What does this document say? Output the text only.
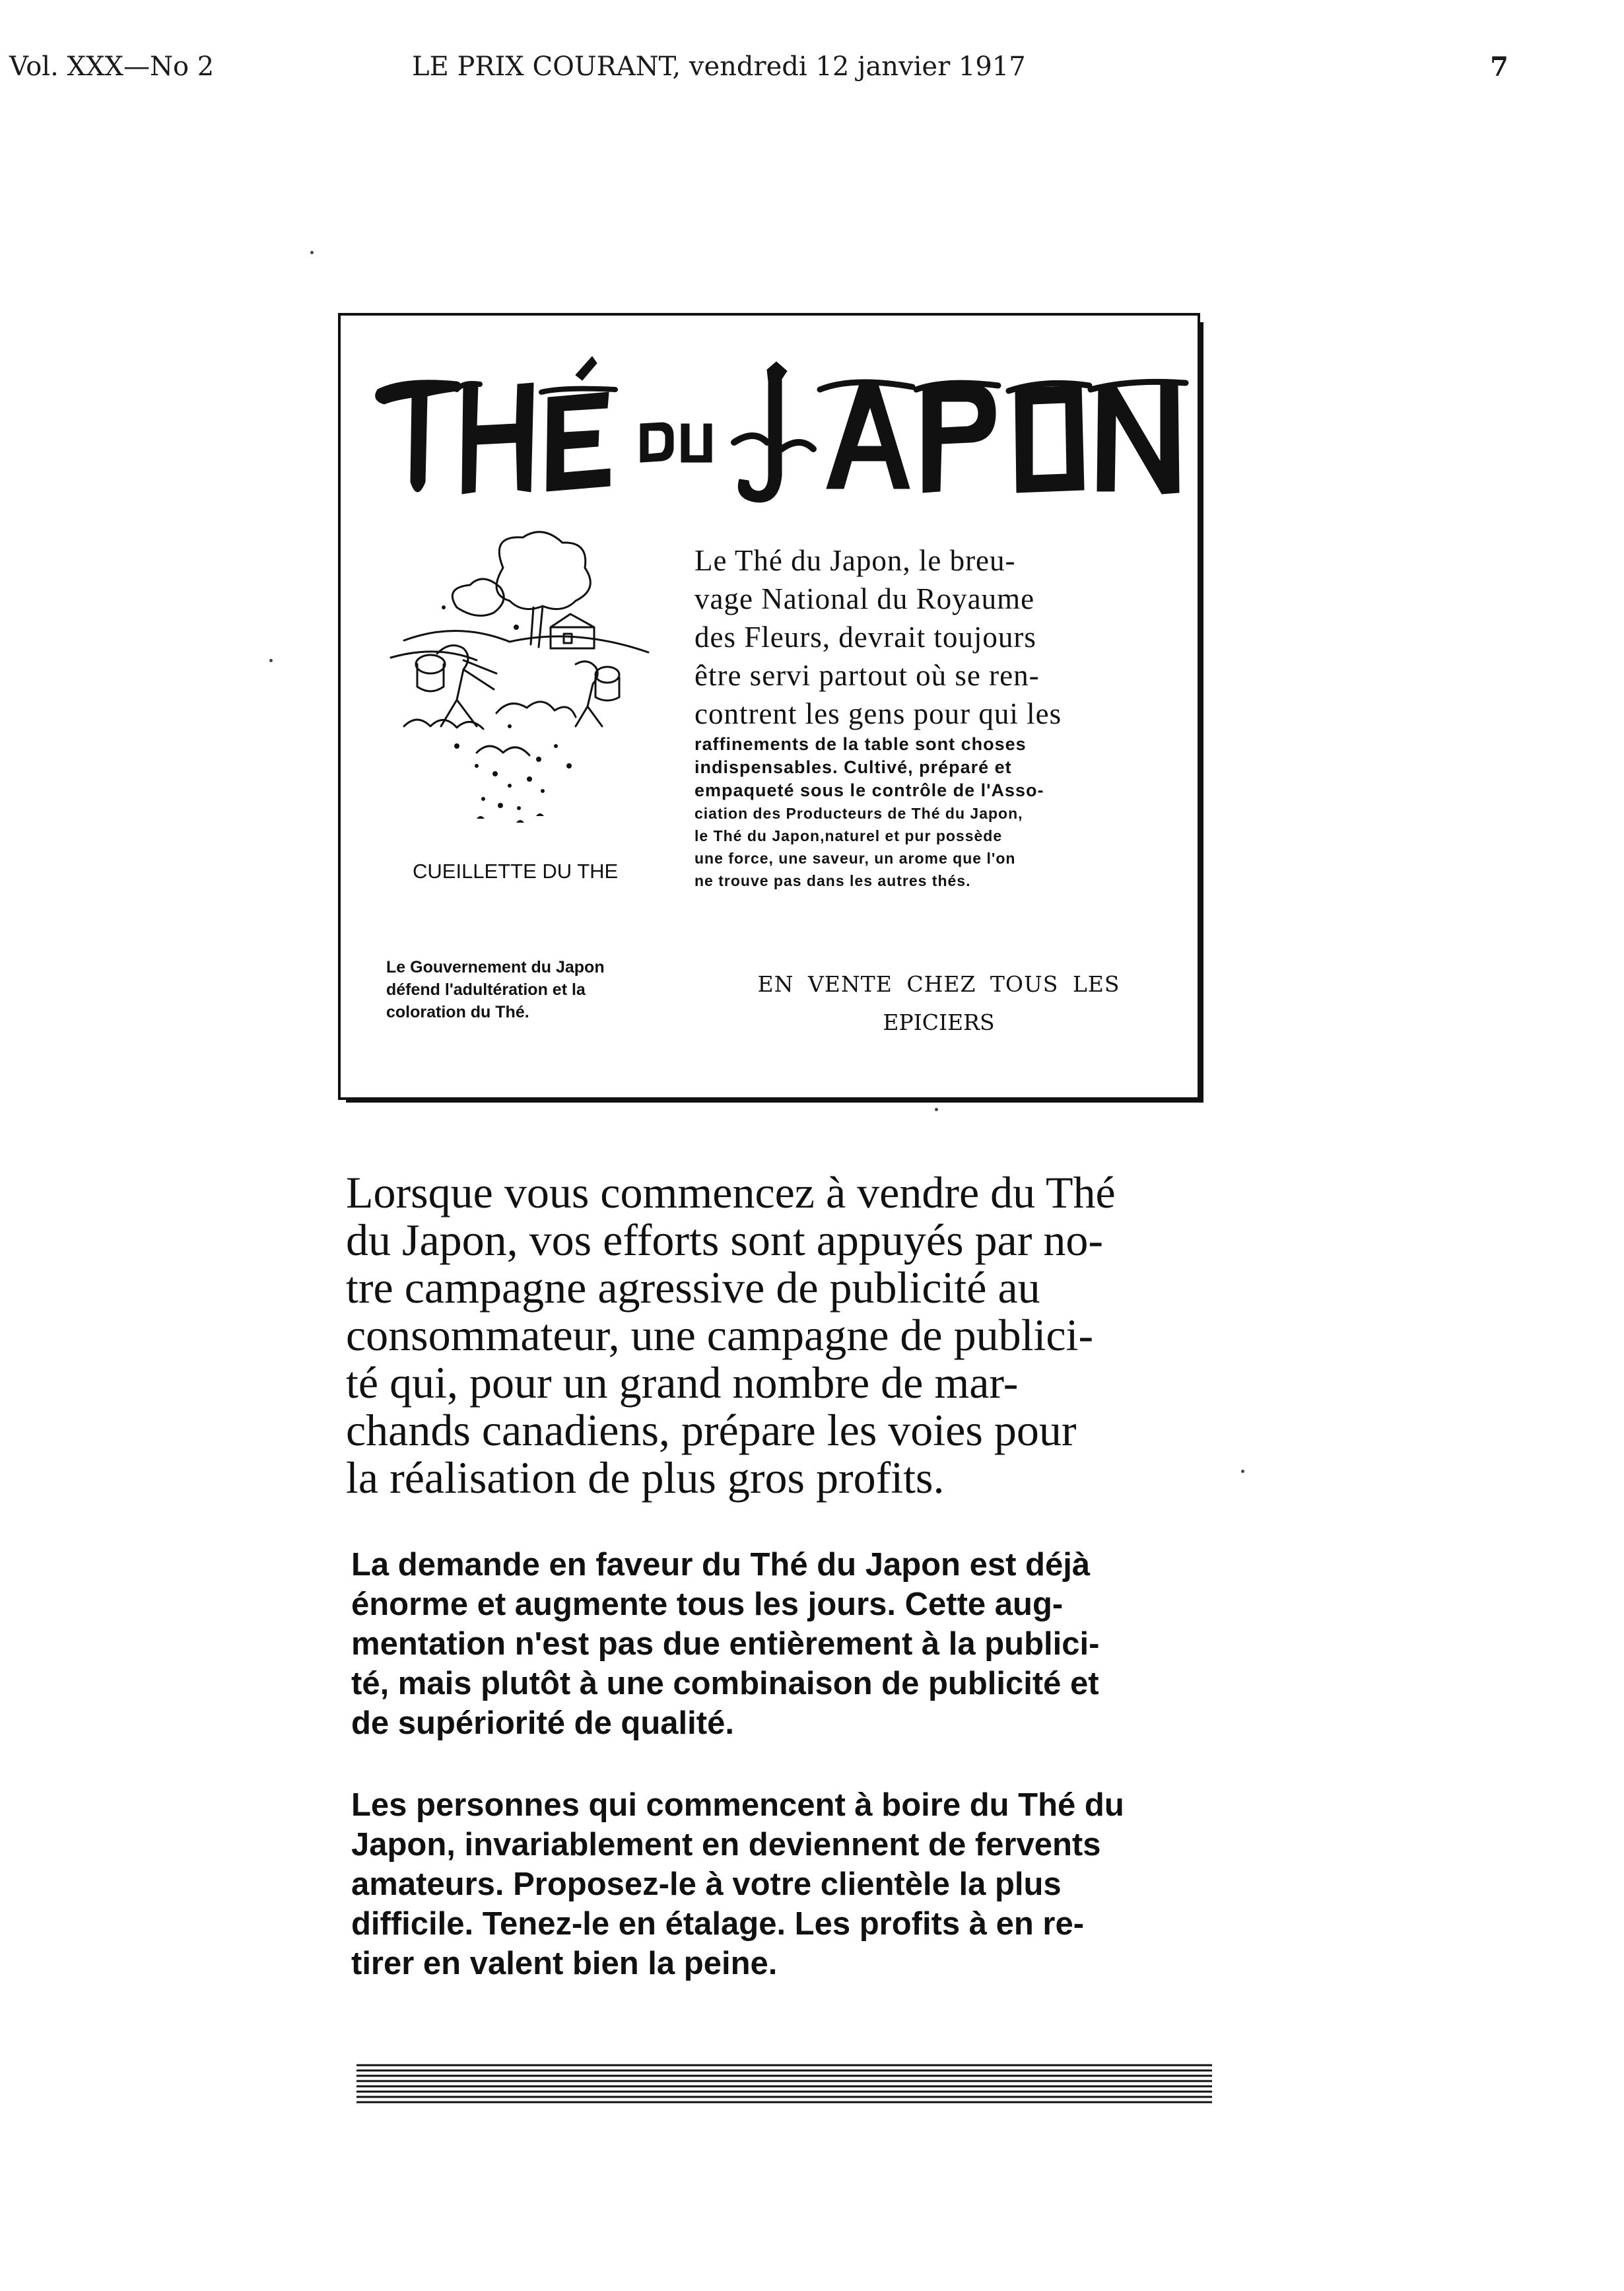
Vol. XXX—No 2	LE PRIX COURANT, vendredi 12 janvier 1917	7
CUEILLETTE DU THE
Le Gouvernement du Japon
défend l'adultération et la
coloration du Thé.
Le Thé du Japon, le breu-
vage National du Royaume
des Fleurs, devrait toujours
être servi partout où se ren-
contrent les gens pour qui les
raffinements de la table sont choses
indispensables. Cultivé, préparé et
empaqueté sous le contrôle de l'Asso-
ciation des Producteurs de Thé du Japon,
le Thé du Japon,naturel et pur possède
une force, une saveur, un arome que l'on
ne trouve pas dans les autres thés.
EN VENTE CHEZ TOUS LES
EPICIERS
Lorsque vous commencez à vendre du Thé
du Japon, vos efforts sont appuyés par no-
tre campagne agressive de publicité au
consommateur, une campagne de publici-
té qui, pour un grand nombre de mar-
chands canadiens, prépare les voies pour
la réalisation de plus gros profits.
La demande en faveur du Thé du Japon est déjà
énorme et augmente tous les jours. Cette aug-
mentation n'est pas due entièrement à la publici-
té, mais plutôt à une combinaison de publicité et
de supériorité de qualité.
Les personnes qui commencent à boire du Thé du
Japon, invariablement en deviennent de fervents
amateurs. Proposez-le à votre clientèle la plus
difficile. Tenez-le en étalage. Les profits à en re-
tirer en valent bien la peine.
